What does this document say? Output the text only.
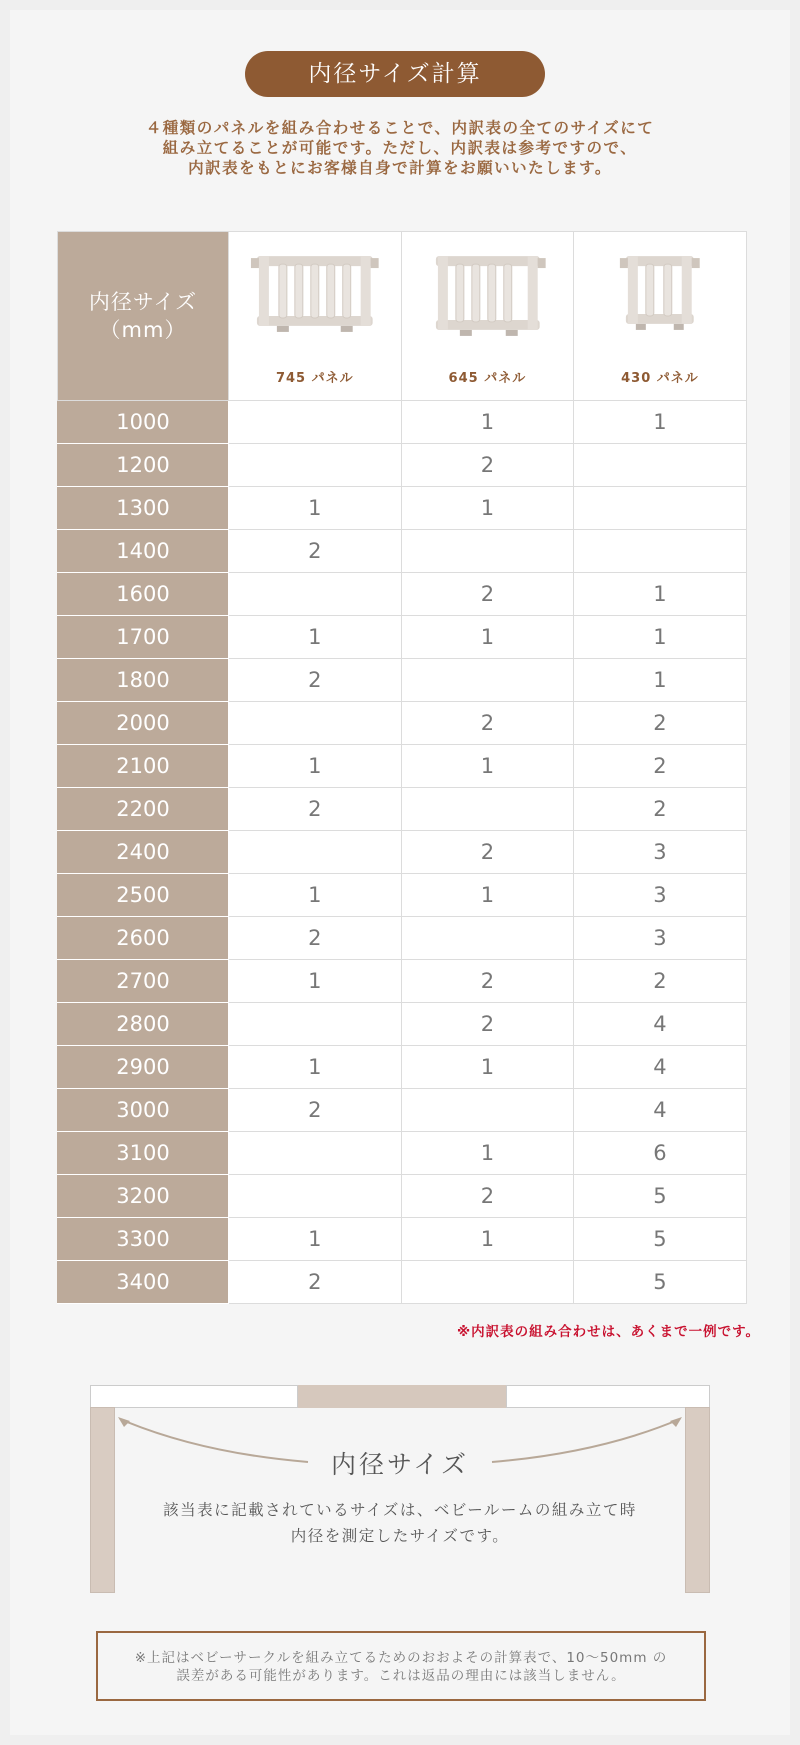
内径サイズ計算

４種類のパネルを組み合わせることで、内訳表の全てのサイズにて

組み立てることが可能です。ただし、内訳表は参考ですので、

内訳表をもとにお客様自身で計算をお願いいたします。

内径サイズ
（mm）	745 パネル	645 パネル	430 パネル

1000		1	1
1200		2	
1300	1	1	
1400	2		
1600		2	1
1700	1	1	1
1800	2		1
2000		2	2
2100	1	1	2
2200	2		2
2400		2	3
2500	1	1	3
2600	2		3
2700	1	2	2
2800		2	4
2900	1	1	4
3000	2		4
3100		1	6
3200		2	5
3300	1	1	5
3400	2		5
※内訳表の組み合わせは、あくまで一例です。
内径サイズ
該当表に記載されているサイズは、ベビールームの組み立て時
内径を測定したサイズです。

※上記はベビーサークルを組み立てるためのおおよその計算表で、10〜50mm の

誤差がある可能性があります。これは返品の理由には該当しません。
